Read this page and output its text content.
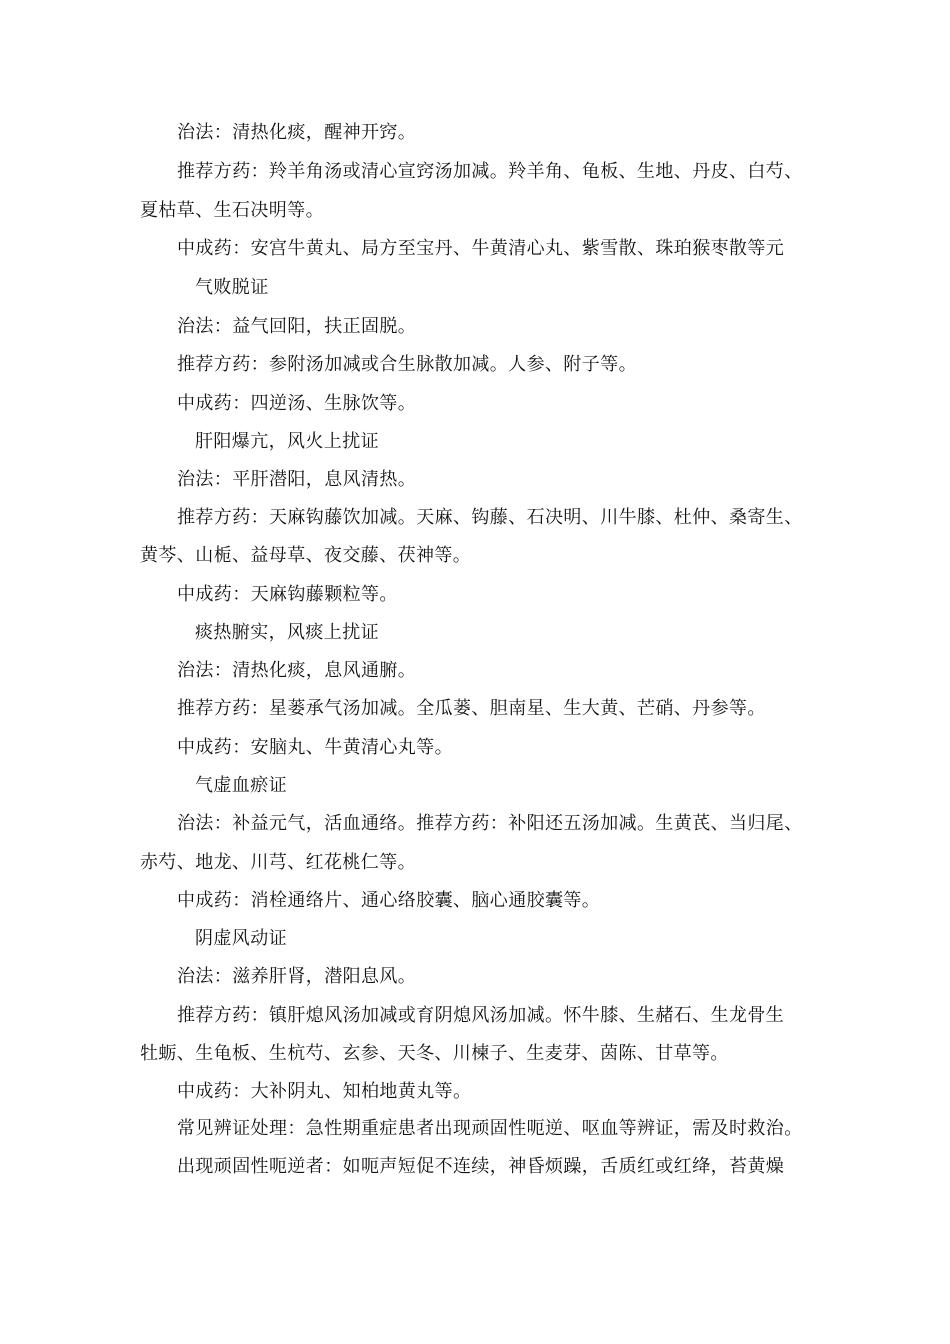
治法：清热化痰，醒神开窍。
推荐方药：羚羊角汤或清心宣窍汤加减。羚羊角、龟板、生地、丹皮、白芍、
夏枯草、生石决明等。
中成药：安宫牛黄丸、局方至宝丹、牛黄清心丸、紫雪散、珠珀猴枣散等元
气败脱证
治法：益气回阳，扶正固脱。
推荐方药：参附汤加减或合生脉散加减。人参、附子等。
中成药：四逆汤、生脉饮等。
肝阳爆亢，风火上扰证
治法：平肝潜阳，息风清热。
推荐方药：天麻钩藤饮加减。天麻、钩藤、石决明、川牛膝、杜仲、桑寄生、
黄芩、山栀、益母草、夜交藤、茯神等。
中成药：天麻钩藤颗粒等。
痰热腑实，风痰上扰证
治法：清热化痰，息风通腑。
推荐方药：星蒌承气汤加减。全瓜蒌、胆南星、生大黄、芒硝、丹参等。
中成药：安脑丸、牛黄清心丸等。
气虚血瘀证
治法：补益元气，活血通络。推荐方药：补阳还五汤加减。生黄芪、当归尾、
赤芍、地龙、川芎、红花桃仁等。
中成药：消栓通络片、通心络胶囊、脑心通胶囊等。
阴虚风动证
治法：滋养肝肾，潜阳息风。
推荐方药：镇肝熄风汤加减或育阴熄风汤加减。怀牛膝、生赭石、生龙骨生
牡蛎、生龟板、生杭芍、玄参、天冬、川楝子、生麦芽、茵陈、甘草等。
中成药：大补阴丸、知柏地黄丸等。
常见辨证处理：急性期重症患者出现顽固性呃逆、呕血等辨证，需及时救治。
出现顽固性呃逆者：如呃声短促不连续，神昏烦躁，舌质红或红绛，苔黄燥
